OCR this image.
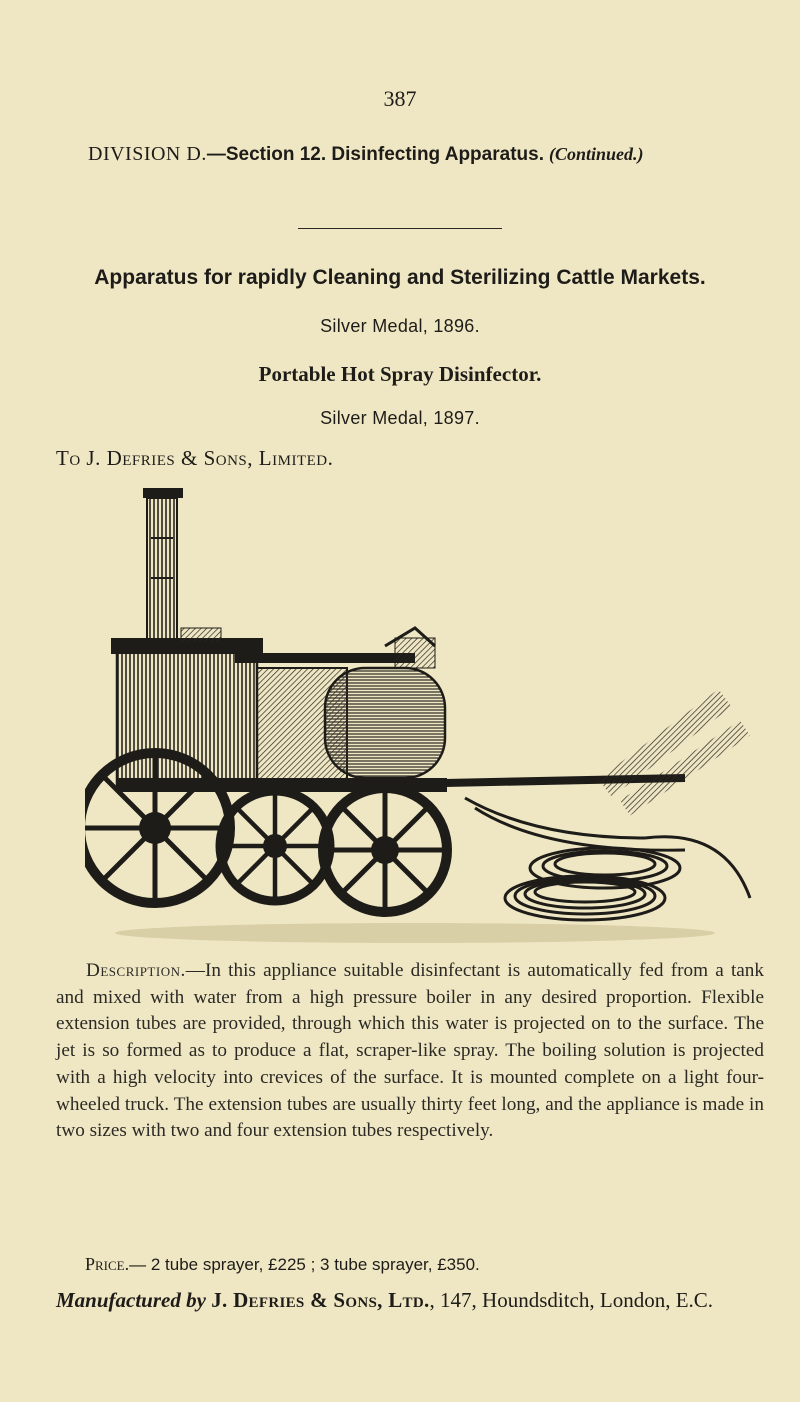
387
DIVISION D.—Section 12. Disinfecting Apparatus. (Continued.)
Apparatus for rapidly Cleaning and Sterilizing Cattle Markets.
Silver Medal, 1896.
Portable Hot Spray Disinfector.
Silver Medal, 1897.
To J. Defries & Sons, Limited.
Description.—In this appliance suitable disinfectant is automatically fed from a tank and mixed with water from a high pressure boiler in any desired proportion. Flexible extension tubes are provided, through which this water is projected on to the surface. The jet is so formed as to produce a flat, scraper-like spray. The boiling solution is projected with a high velocity into crevices of the surface. It is mounted complete on a light four-wheeled truck. The extension tubes are usually thirty feet long, and the appliance is made in two sizes with two and four extension tubes respectively.
Price.— 2 tube sprayer, £225 ; 3 tube sprayer, £350.
Manufactured by J. Defries & Sons, Ltd., 147, Houndsditch, London, E.C.
